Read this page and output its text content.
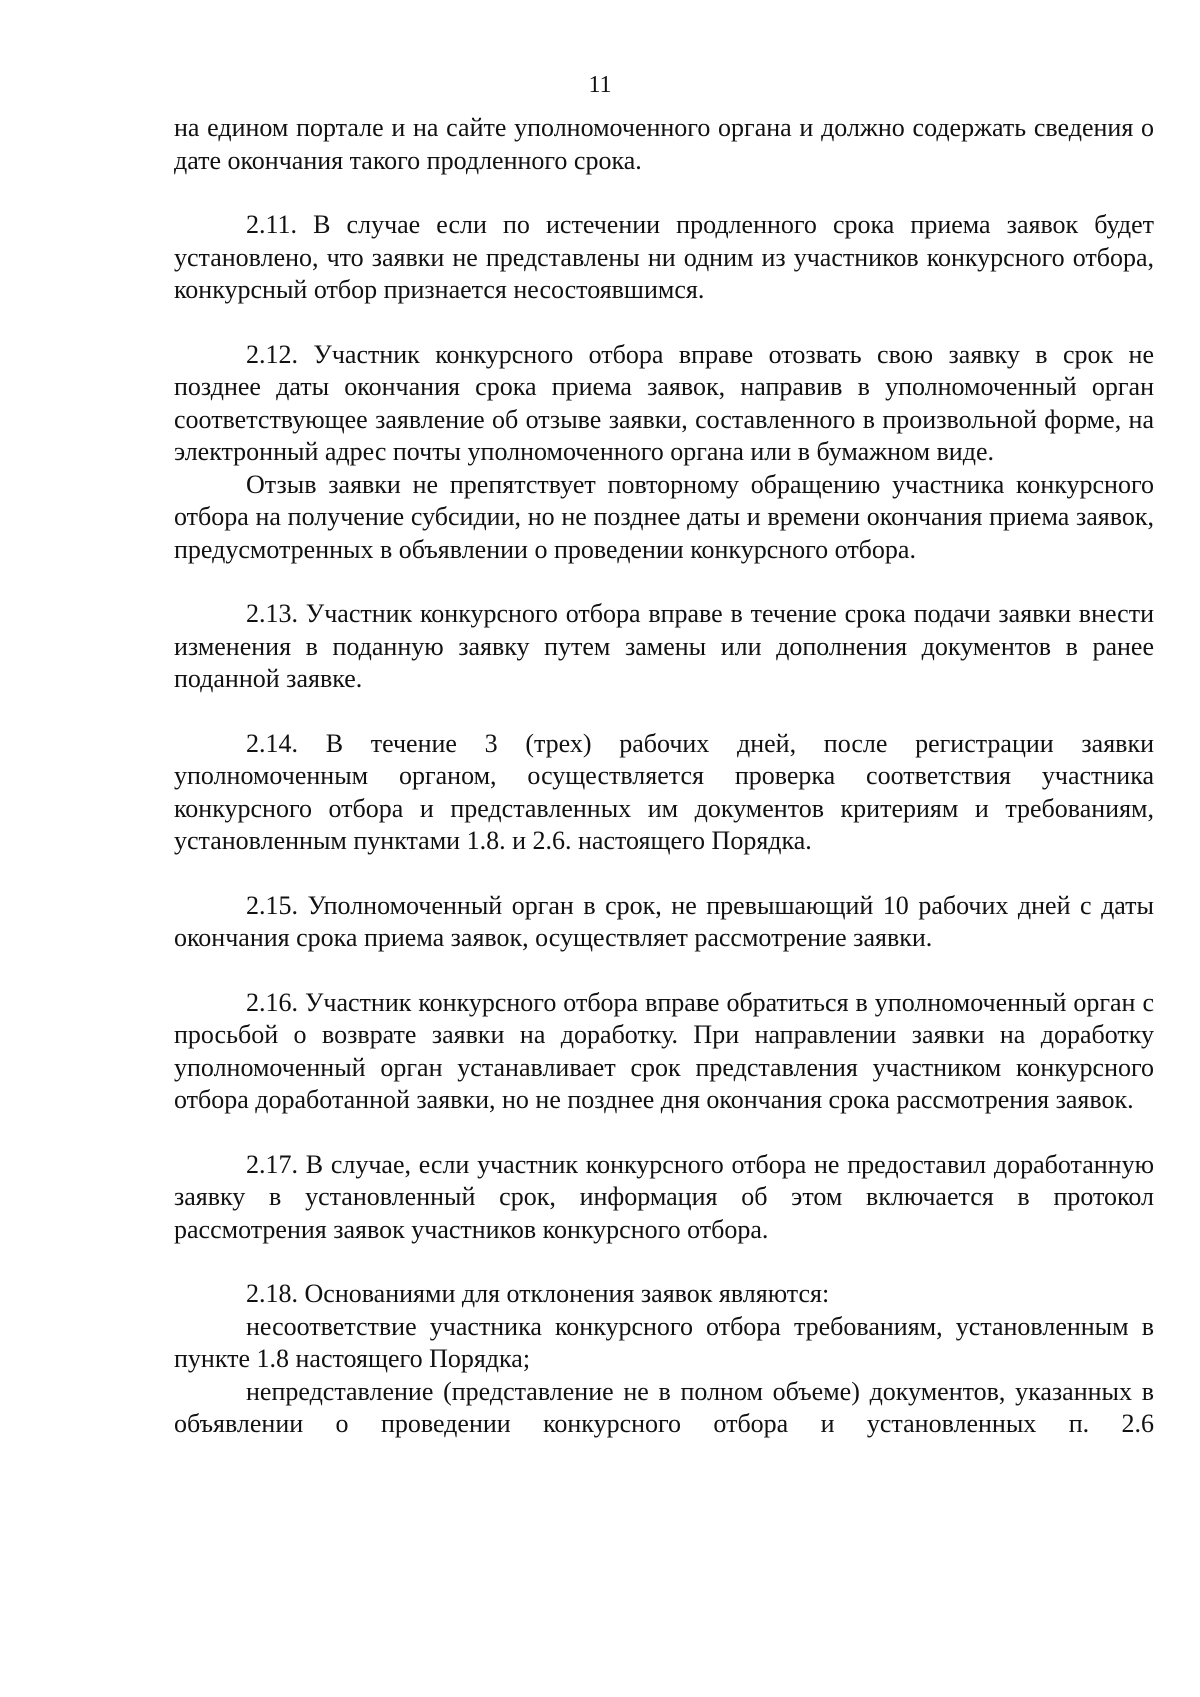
11

на едином портале и на сайте уполномоченного органа и должно содержать сведения о дате окончания такого продленного срока.

2.11. В случае если по истечении продленного срока приема заявок будет установлено, что заявки не представлены ни одним из участников конкурсного отбора, конкурсный отбор признается несостоявшимся.

2.12. Участник конкурсного отбора вправе отозвать свою заявку в срок не позднее даты окончания срока приема заявок, направив в уполномоченный орган соответствующее заявление об отзыве заявки, составленного в произвольной форме, на электронный адрес почты уполномоченного органа или в бумажном виде.

Отзыв заявки не препятствует повторному обращению участника конкурсного отбора на получение субсидии, но не позднее даты и времени окончания приема заявок, предусмотренных в объявлении о проведении конкурсного отбора.

2.13. Участник конкурсного отбора вправе в течение срока подачи заявки внести изменения в поданную заявку путем замены или дополнения документов в ранее поданной заявке.

2.14. В течение 3 (трех) рабочих дней, после регистрации заявки уполномоченным органом, осуществляется проверка соответствия участника конкурсного отбора и представленных им документов критериям и требованиям, установленным пунктами 1.8. и 2.6. настоящего Порядка.

2.15. Уполномоченный орган в срок, не превышающий 10 рабочих дней с даты окончания срока приема заявок, осуществляет рассмотрение заявки.

2.16. Участник конкурсного отбора вправе обратиться в уполномоченный орган с просьбой о возврате заявки на доработку. При направлении заявки на доработку уполномоченный орган устанавливает срок представления участником конкурсного отбора доработанной заявки, но не позднее дня окончания срока рассмотрения заявок.

2.17. В случае, если участник конкурсного отбора не предоставил доработанную заявку в установленный срок, информация об этом включается в протокол рассмотрения заявок участников конкурсного отбора.

2.18. Основаниями для отклонения заявок являются:

несоответствие участника конкурсного отбора требованиям, установленным в пункте 1.8 настоящего Порядка;

непредставление (представление не в полном объеме) документов, указанных в объявлении о проведении конкурсного отбора и установленных п. 2.6
